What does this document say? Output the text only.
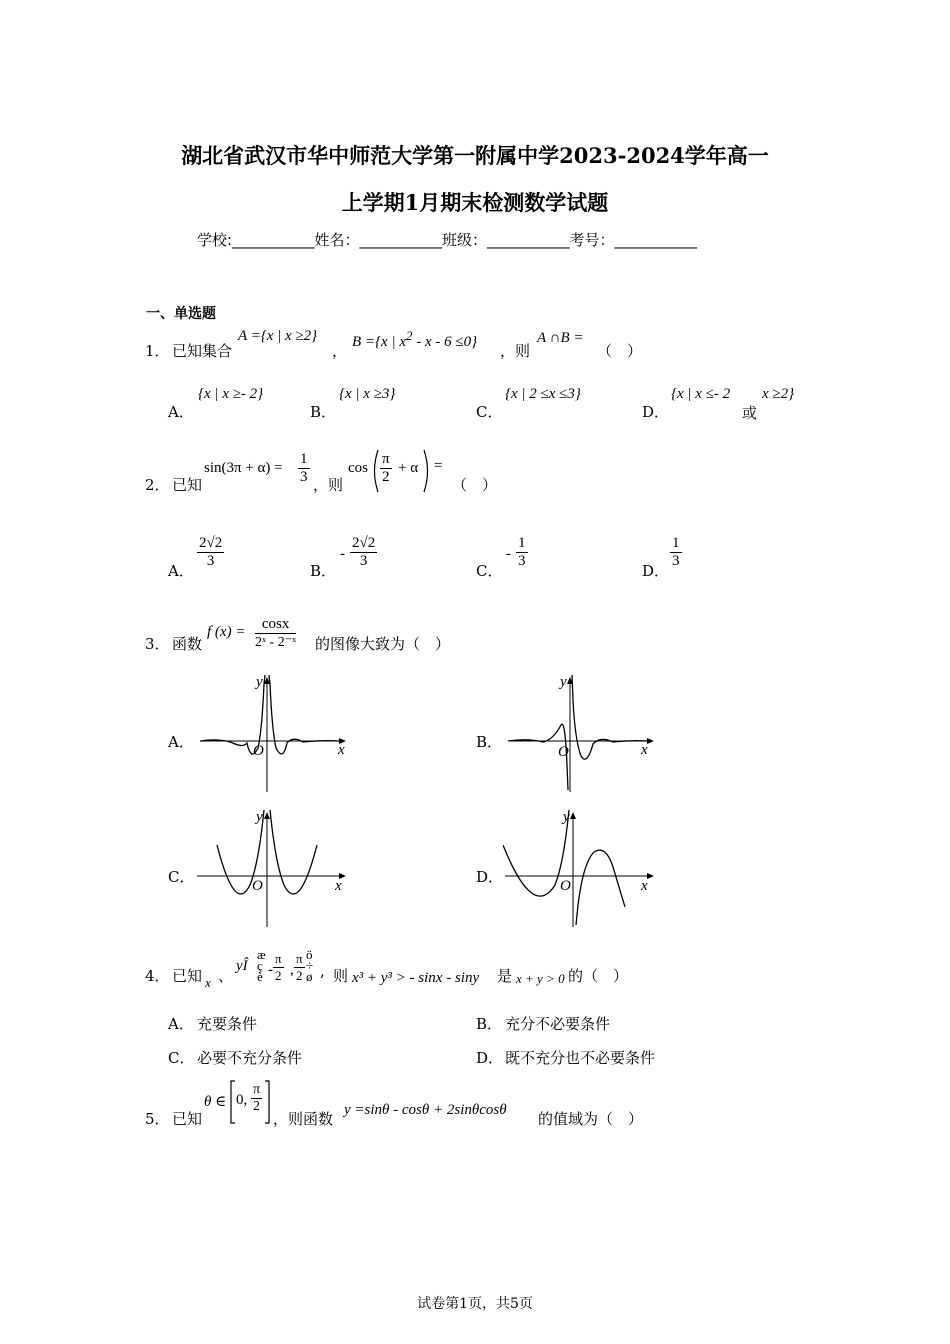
湖北省武汉市华中师范大学第一附属中学2023-2024学年高一
上学期1月期末检测数学试题
学校:___________姓名：___________班级：___________考号：___________
一、单选题
1． 已知集合
A ={x | x ≥2}
， B ={x | $x^2 - x - 6 \le 0$} ，则
A ∩B =
（　）
A．
{x | x ≥- 2}
B．
{x | x ≥3}
C．
{x | 2 ≤x ≤3}
D．
{x | x ≤- 2
或
x ≥2}
2． 已知
$\sin(3\pi + \alpha) = \frac{1}{3}$ ，则
$\cos \frac{\pi}{2} + \alpha$ =
（　）
A．
$\frac{2√2}{3}$
B．
- $\frac{2√2}{3}$
C．
- $\frac{1}{3}$
D．
$\frac{1}{3}$
3． 函数
f $(x) = \frac{\cos x}{\text{2ˣ - 2⁻ˣ}}$ 的图像大致为（　）
A．	B．
C．	D．
x
y
O	x
y
O
x
y
O	x
y
O
4． 已知 x 、
yÎ
æ
ç
è - $\frac{\pi}{2}$ , $\frac{\pi}{2}$ ö
÷
ø , 则 x³ + y³ > - sinx - siny 是 x + y > 0 的（　）
A． 充要条件	B． 充分不必要条件
C． 必要不充分条件	D． 既不充分也不必要条件
5． 已知
θ ∈ 0, $\frac{\pi}{2}$
，则函数 y =sinθ - cosθ + 2sinθcosθ 的值域为（　）
试卷第1页，共5页
